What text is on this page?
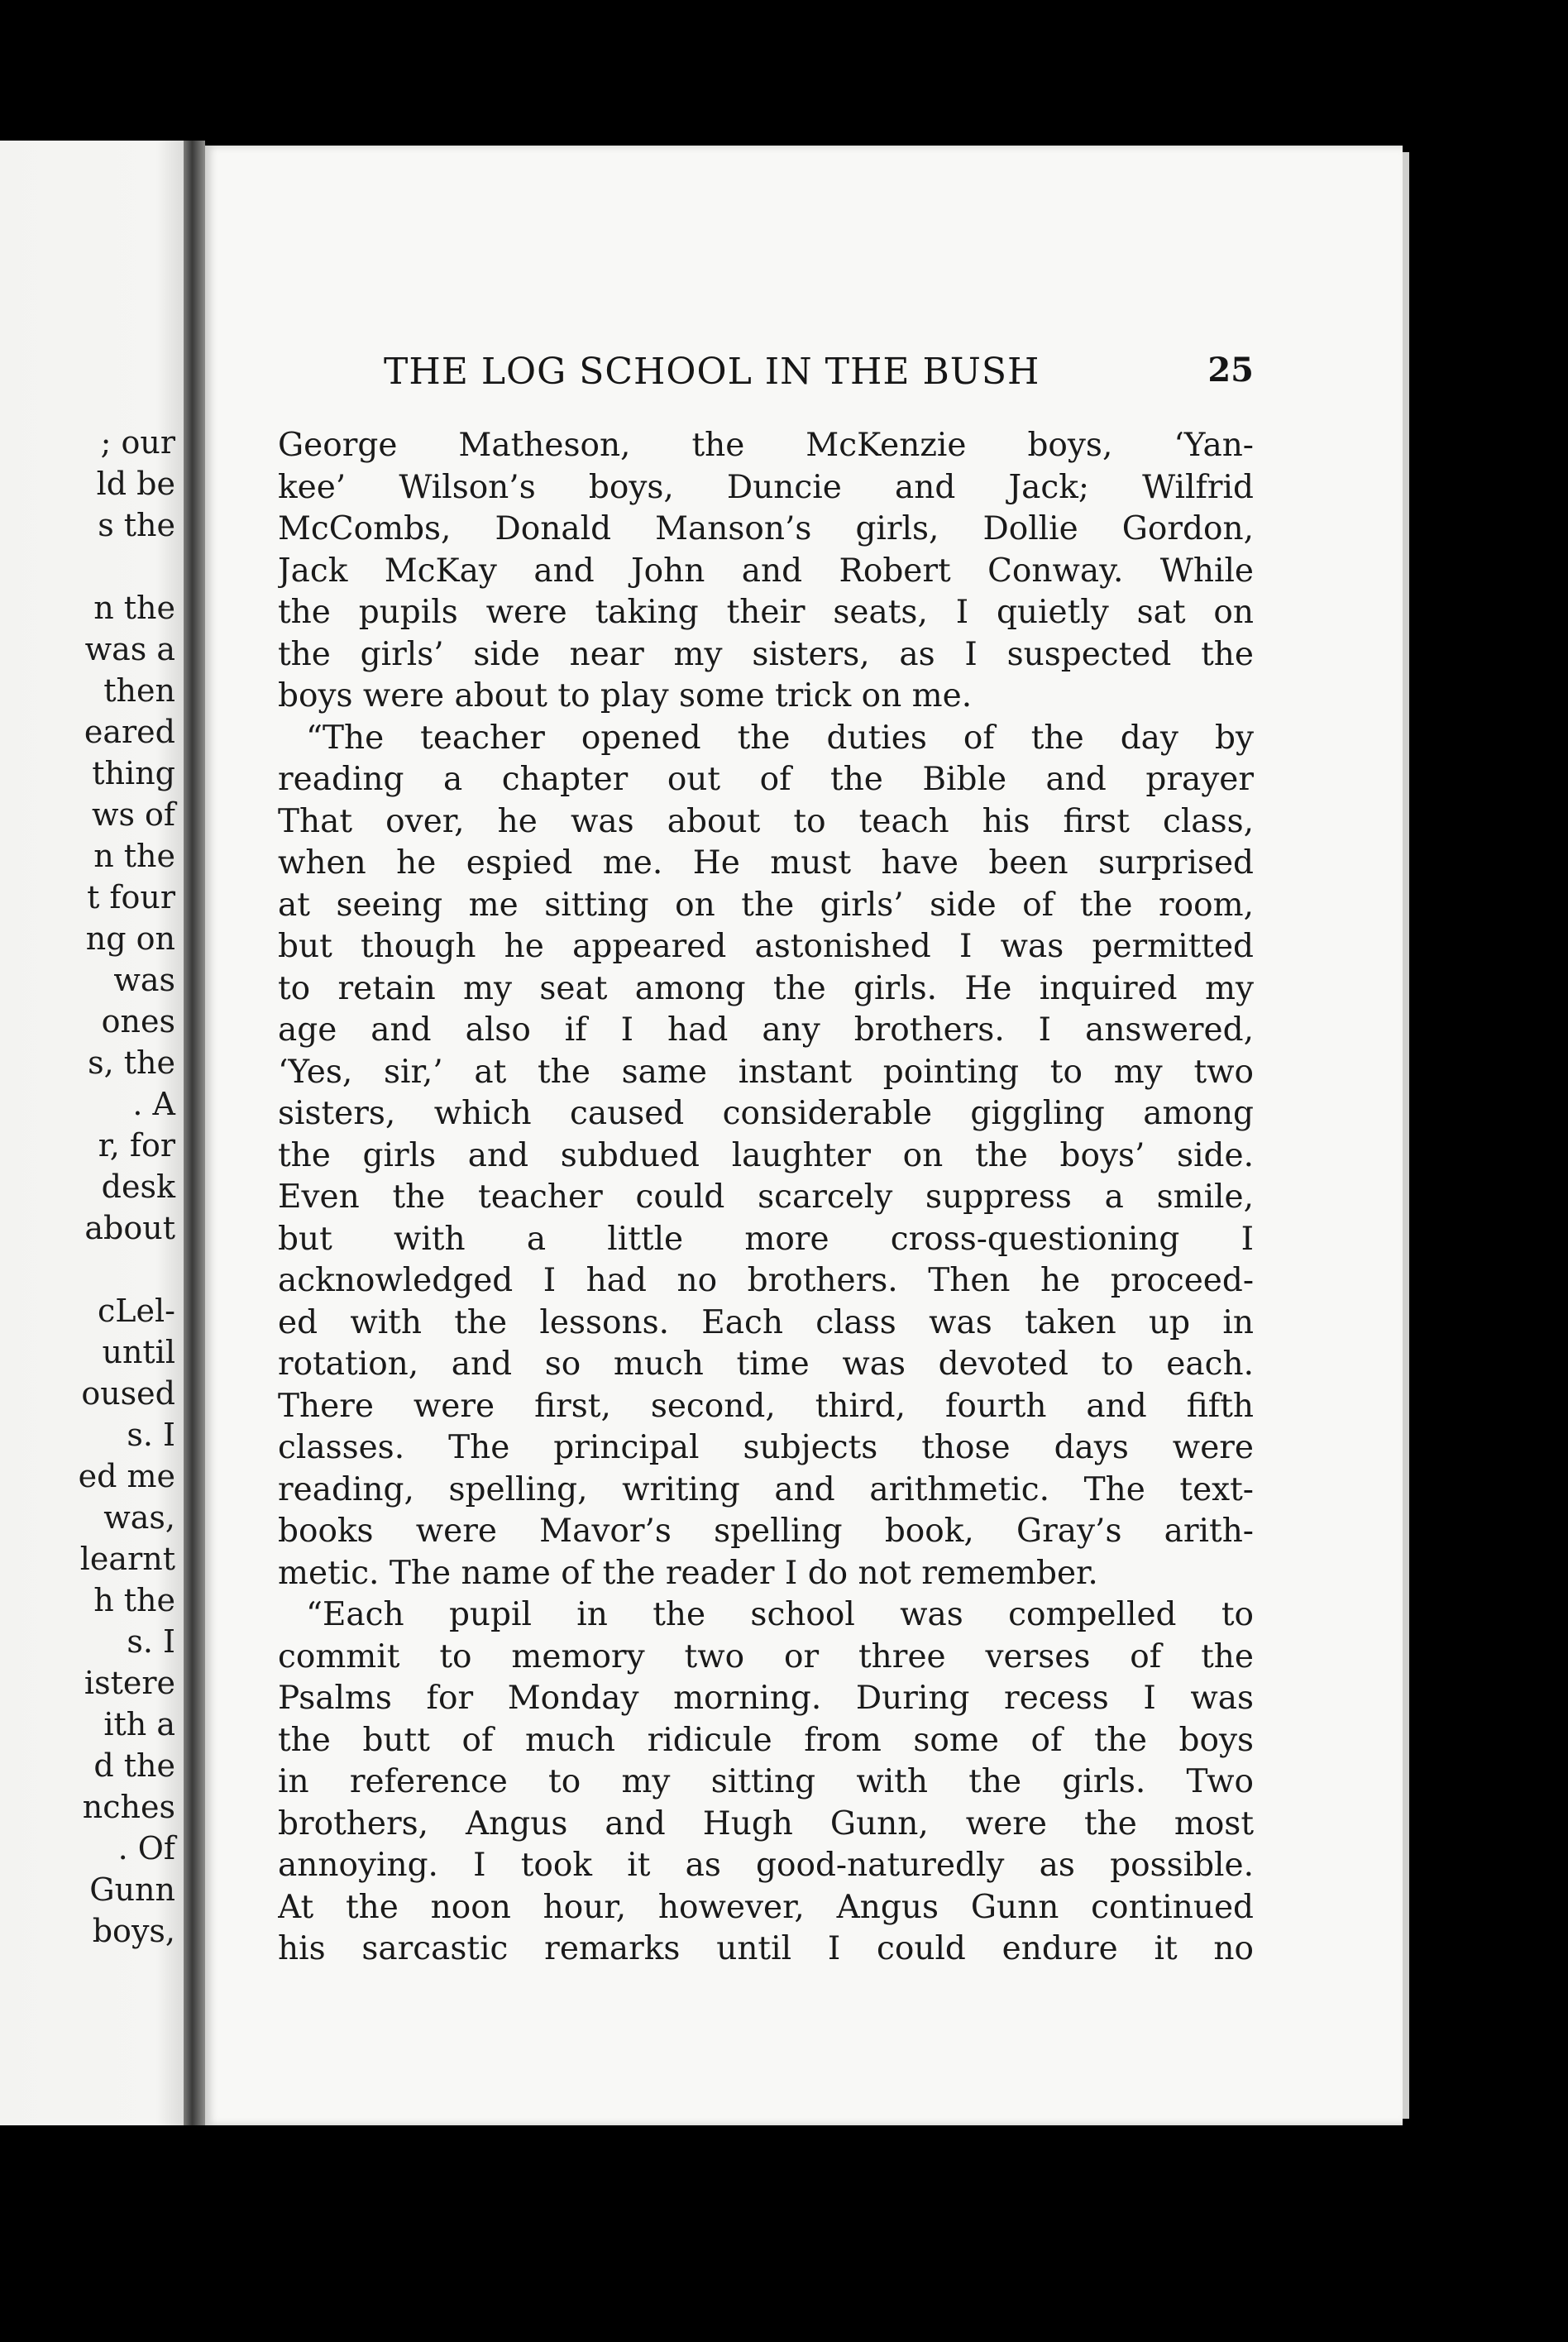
; our
ld be
s the
n the
was a
then
eared
thing
ws of
n the
t four
ng on
was
ones
s, the
. A
r, for
desk
about
cLel-
until
oused
s. I
ed me
was,
learnt
h the
s. I
istere
ith a
d the
nches
. Of
Gunn
boys,
THE LOG SCHOOL IN THE BUSH	25
George Matheson, the McKenzie boys, ‘Yan-
kee’ Wilson’s boys, Duncie and Jack; Wilfrid
McCombs, Donald Manson’s girls, Dollie Gordon,
Jack McKay and John and Robert Conway. While
the pupils were taking their seats, I quietly sat on
the girls’ side near my sisters, as I suspected the
boys were about to play some trick on me.
“The teacher opened the duties of the day by
reading a chapter out of the Bible and prayer
That over, he was about to teach his first class,
when he espied me. He must have been surprised
at seeing me sitting on the girls’ side of the room,
but though he appeared astonished I was permitted
to retain my seat among the girls. He inquired my
age and also if I had any brothers. I answered,
‘Yes, sir,’ at the same instant pointing to my two
sisters, which caused considerable giggling among
the girls and subdued laughter on the boys’ side.
Even the teacher could scarcely suppress a smile,
but with a little more cross-questioning I
acknowledged I had no brothers. Then he proceed-
ed with the lessons. Each class was taken up in
rotation, and so much time was devoted to each.
There were first, second, third, fourth and fifth
classes. The principal subjects those days were
reading, spelling, writing and arithmetic. The text-
books were Mavor’s spelling book, Gray’s arith-
metic. The name of the reader I do not remember.
“Each pupil in the school was compelled to
commit to memory two or three verses of the
Psalms for Monday morning. During recess I was
the butt of much ridicule from some of the boys
in reference to my sitting with the girls. Two
brothers, Angus and Hugh Gunn, were the most
annoying. I took it as good-naturedly as possible.
At the noon hour, however, Angus Gunn continued
his sarcastic remarks until I could endure it no
